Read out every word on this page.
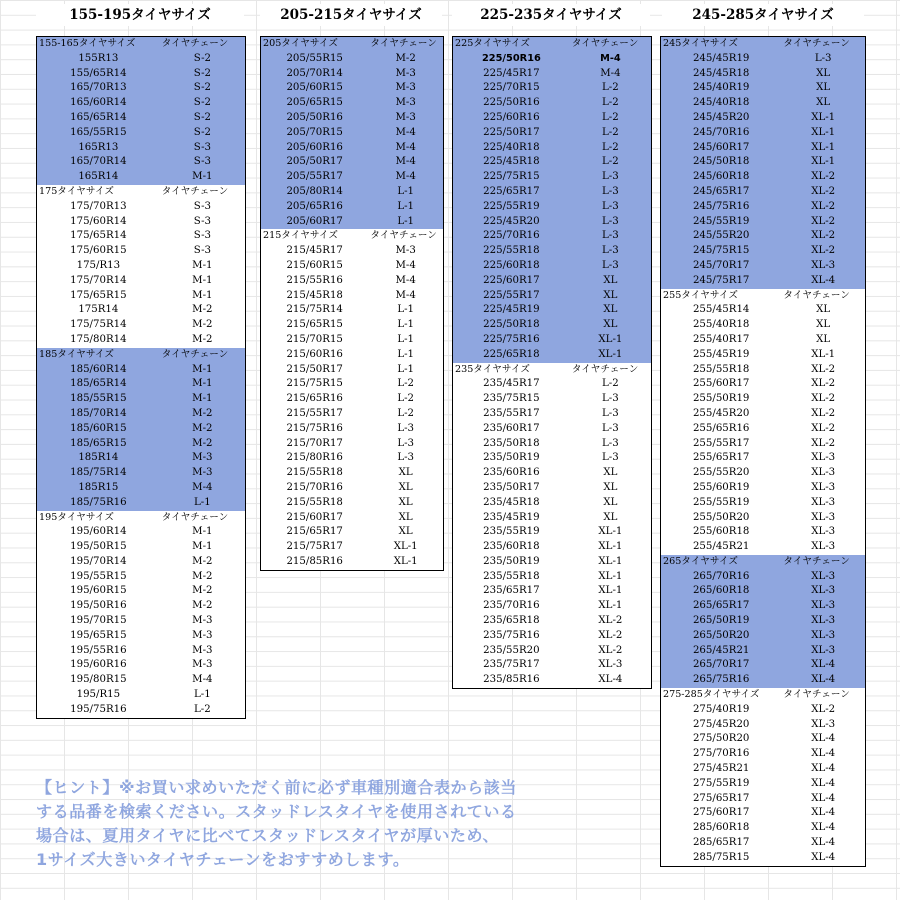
155-195タイヤサイズ	205-215タイヤサイズ	225-235タイヤサイズ	245-285タイヤサイズ
155-165タイヤサイズ	タイヤチェーン
155R13	S-2
155/65R14	S-2
165/70R13	S-2
165/60R14	S-2
165/65R14	S-2
165/55R15	S-2
165R13	S-3
165/70R14	S-3
165R14	M-1
175タイヤサイズ	タイヤチェーン
175/70R13	S-3
175/60R14	S-3
175/65R14	S-3
175/60R15	S-3
175/R13	M-1
175/70R14	M-1
175/65R15	M-1
175R14	M-2
175/75R14	M-2
175/80R14	M-2
185タイヤサイズ	タイヤチェーン
185/60R14	M-1
185/65R14	M-1
185/55R15	M-1
185/70R14	M-2
185/60R15	M-2
185/65R15	M-2
185R14	M-3
185/75R14	M-3
185R15	M-4
185/75R16	L-1
195タイヤサイズ	タイヤチェーン
195/60R14	M-1
195/50R15	M-1
195/70R14	M-2
195/55R15	M-2
195/60R15	M-2
195/50R16	M-2
195/70R15	M-3
195/65R15	M-3
195/55R16	M-3
195/60R16	M-3
195/80R15	M-4
195/R15	L-1
195/75R16	L-2
205タイヤサイズ	タイヤチェーン
205/55R15	M-2
205/70R14	M-3
205/60R15	M-3
205/65R15	M-3
205/50R16	M-3
205/70R15	M-4
205/60R16	M-4
205/50R17	M-4
205/55R17	M-4
205/80R14	L-1
205/65R16	L-1
205/60R17	L-1
215タイヤサイズ	タイヤチェーン
215/45R17	M-3
215/60R15	M-4
215/55R16	M-4
215/45R18	M-4
215/75R14	L-1
215/65R15	L-1
215/70R15	L-1
215/60R16	L-1
215/50R17	L-1
215/75R15	L-2
215/65R16	L-2
215/55R17	L-2
215/75R16	L-3
215/70R17	L-3
215/80R16	L-3
215/55R18	XL
215/70R16	XL
215/55R18	XL
215/60R17	XL
215/65R17	XL
215/75R17	XL-1
215/85R16	XL-1
225タイヤサイズ	タイヤチェーン
225/50R16	M-4
225/45R17	M-4
225/70R15	L-2
225/50R16	L-2
225/60R16	L-2
225/50R17	L-2
225/40R18	L-2
225/45R18	L-2
225/75R15	L-3
225/65R17	L-3
225/55R19	L-3
225/45R20	L-3
225/70R16	L-3
225/55R18	L-3
225/60R18	L-3
225/60R17	XL
225/55R17	XL
225/45R19	XL
225/50R18	XL
225/75R16	XL-1
225/65R18	XL-1
235タイヤサイズ	タイヤチェーン
235/45R17	L-2
235/75R15	L-3
235/55R17	L-3
235/60R17	L-3
235/50R18	L-3
235/50R19	L-3
235/60R16	XL
235/50R17	XL
235/45R18	XL
235/45R19	XL
235/55R19	XL-1
235/60R18	XL-1
235/50R19	XL-1
235/55R18	XL-1
235/65R17	XL-1
235/70R16	XL-1
235/65R18	XL-2
235/75R16	XL-2
235/55R20	XL-2
235/75R17	XL-3
235/85R16	XL-4
245タイヤサイズ	タイヤチェーン
245/45R19	L-3
245/45R18	XL
245/40R19	XL
245/40R18	XL
245/45R20	XL-1
245/70R16	XL-1
245/60R17	XL-1
245/50R18	XL-1
245/60R18	XL-2
245/65R17	XL-2
245/75R16	XL-2
245/55R19	XL-2
245/55R20	XL-2
245/75R15	XL-2
245/70R17	XL-3
245/75R17	XL-4
255タイヤサイズ	タイヤチェーン
255/45R14	XL
255/40R18	XL
255/40R17	XL
255/45R19	XL-1
255/55R18	XL-2
255/60R17	XL-2
255/50R19	XL-2
255/45R20	XL-2
255/65R16	XL-2
255/55R17	XL-2
255/65R17	XL-3
255/55R20	XL-3
255/60R19	XL-3
255/55R19	XL-3
255/50R20	XL-3
255/60R18	XL-3
255/45R21	XL-3
265タイヤサイズ	タイヤチェーン
265/70R16	XL-3
265/60R18	XL-3
265/65R17	XL-3
265/50R19	XL-3
265/50R20	XL-3
265/45R21	XL-3
265/70R17	XL-4
265/75R16	XL-4
275-285タイヤサイズ	タイヤチェーン
275/40R19	XL-2
275/45R20	XL-3
275/50R20	XL-4
275/70R16	XL-4
275/45R21	XL-4
275/55R19	XL-4
275/65R17	XL-4
275/60R17	XL-4
285/60R18	XL-4
285/65R17	XL-4
285/75R15	XL-4

【ヒント】※お買い求めいただく前に必ず車種別適合表から該当

する品番を検索ください。スタッドレスタイヤを使用されている

場合は、夏用タイヤに比べてスタッドレスタイヤが厚いため、

1サイズ大きいタイヤチェーンをおすすめします。
